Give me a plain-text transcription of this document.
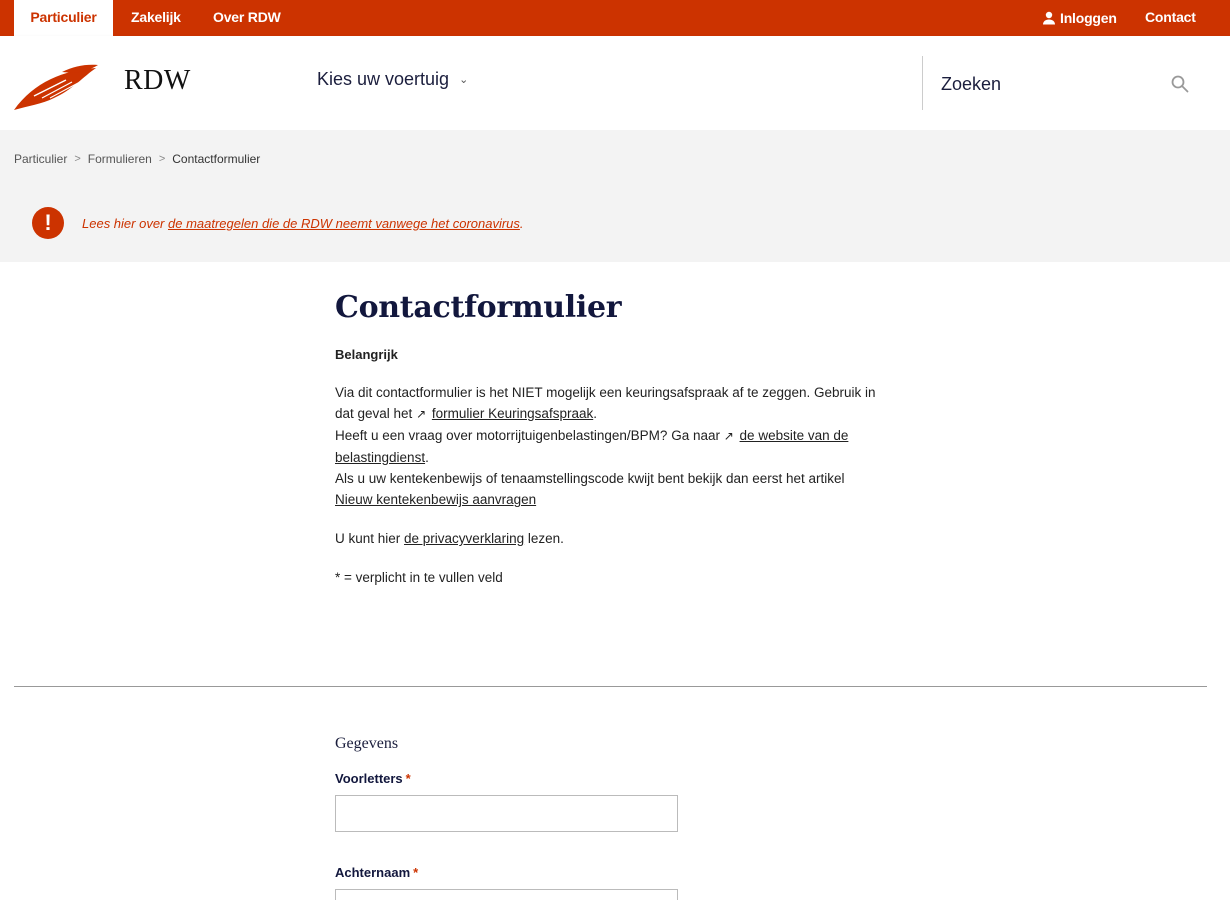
Particulier	Zakelijk Over RDW	Inloggen Contact
RDW	Kies uw voertuig ⌄
Zoeken
Particulier > Formulieren > Contactformulier
!	Lees hier over de maatregelen die de RDW neemt vanwege het coronavirus.
Contactformulier
Belangrijk
Via dit contactformulier is het NIET mogelijk een keuringsafspraak af te zeggen. Gebruik in dat geval het ↗ formulier Keuringsafspraak.
Heeft u een vraag over motorrijtuigenbelastingen/BPM? Ga naar ↗ de website van de belastingdienst.
Als u uw kentekenbewijs of tenaamstellingscode kwijt bent bekijk dan eerst het artikel
Nieuw kentekenbewijs aanvragen
U kunt hier de privacyverklaring lezen.
* = verplicht in te vullen veld
Gegevens
Voorletters *
Achternaam *
